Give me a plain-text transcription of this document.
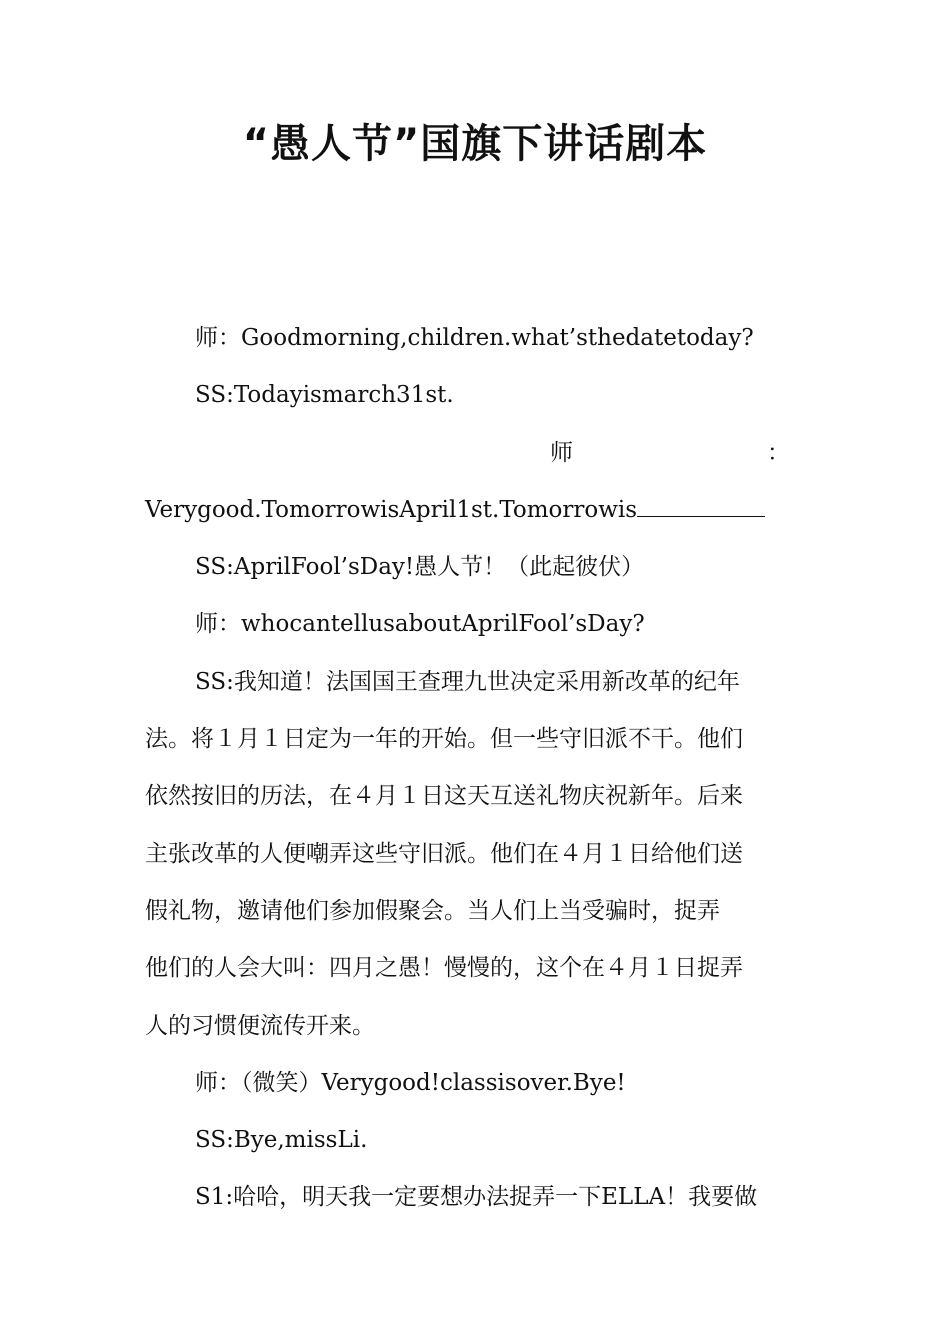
“愚人节”国旗下讲话剧本
师：Goodmorning,children.what’sthedatetoday?
SS:Todayismarch31st.
师	：
Verygood.TomorrowisApril1st.Tomorrowis
SS:AprilFool’sDay!愚人节！（此起彼伏）
师：whocantellusaboutAprilFool’sDay?
SS:我知道！法国国王查理九世决定采用新改革的纪年
法。将１月１日定为一年的开始。但一些守旧派不干。他们
依然按旧的历法，在４月１日这天互送礼物庆祝新年。后来
主张改革的人便嘲弄这些守旧派。他们在４月１日给他们送
假礼物，邀请他们参加假聚会。当人们上当受骗时，捉弄
他们的人会大叫：四月之愚！慢慢的，这个在４月１日捉弄
人的习惯便流传开来。
师：（微笑）Verygood!classisover.Bye!
SS:Bye,missLi.
S1:哈哈，明天我一定要想办法捉弄一下ELLA！我要做
